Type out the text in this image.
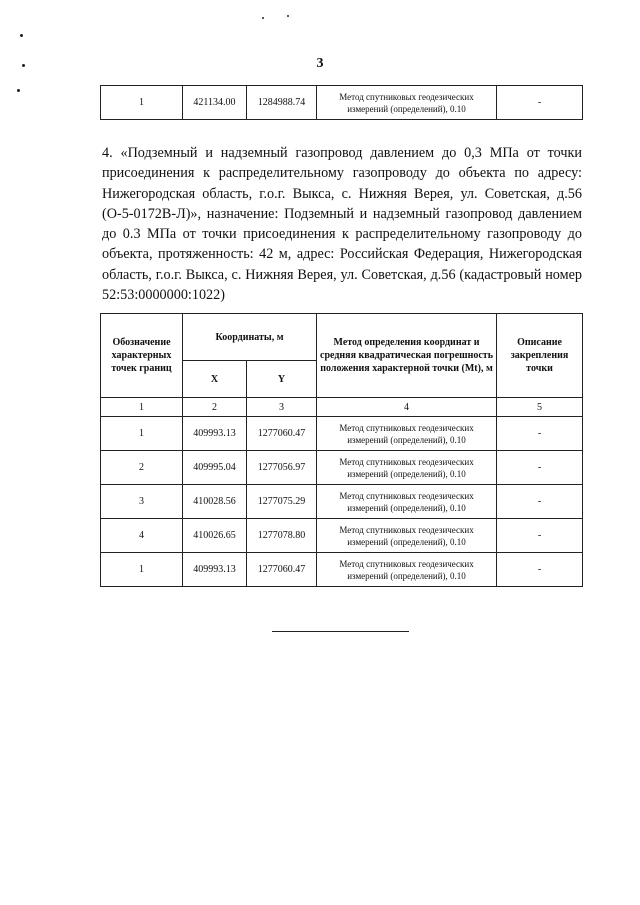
3
1	421134.00	1284988.74	
Метод спутниковых геодезических
измерений (определений), 0.10
	-
4. «Подземный и надземный газопровод давлением до 0,3 МПа от точки присоединения к распределительному газопроводу до объекта по адресу: Нижегородская область, г.о.г. Выкса, с. Нижняя Верея, ул. Советская, д.56 (О-5-0172В-Л)», назначение: Подземный и надземный газопровод давлением до 0.3 МПа от точки присоединения к распределительному газопроводу до объекта, протяженность: 42 м, адрес: Российская Федерация, Нижегородская область, г.о.г. Выкса, с. Нижняя Верея, ул. Советская, д.56 (кадастровый номер 52:53:0000000:1022)
Обозначение характерных точек границ	Координаты, м		Метод определения координат и средняя квадратическая погрешность положения характерной точки (Mt), м	Описание закрепления точки
	X	Y		
1	2	3	4	5
1	409993.13	1277060.47	Метод спутниковых геодезических
измерений (определений), 0.10	-
2	409995.04	1277056.97	Метод спутниковых геодезических
измерений (определений), 0.10	-
3	410028.56	1277075.29	Метод спутниковых геодезических
измерений (определений), 0.10	-
4	410026.65	1277078.80	Метод спутниковых геодезических
измерений (определений), 0.10	-
1	409993.13	1277060.47	Метод спутниковых геодезических
измерений (определений), 0.10	-
